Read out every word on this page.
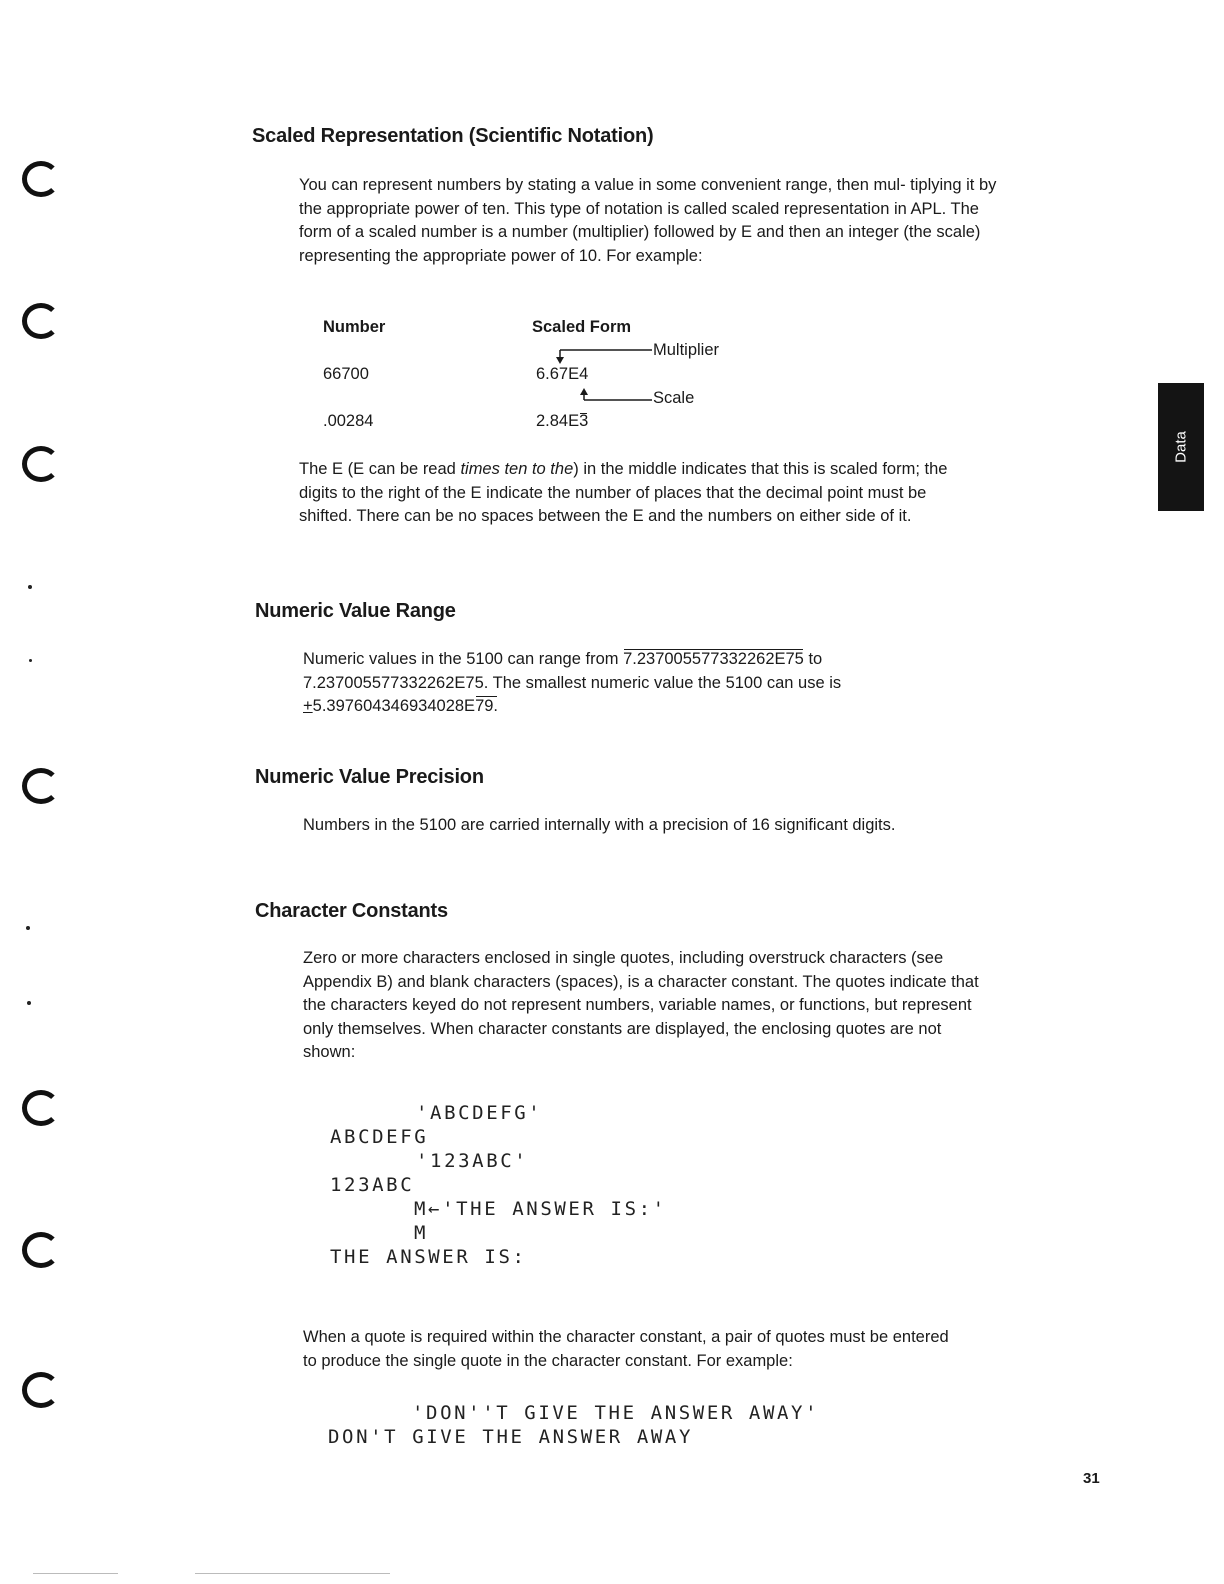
Scaled Representation (Scientific Notation)

You can represent numbers by stating a value in some convenient range, then mul- tiplying it by the appropriate power of ten. This type of notation is called scaled representation in APL. The form of a scaled number is a number (multiplier) followed by E and then an integer (the scale) representing the appropriate power of 10. For example:

Number	Scaled Form
66700	6.67E4
.00284	2.84E3
Multiplier
Scale

The E (E can be read times ten to the) in the middle indicates that this is scaled form; the digits to the right of the E indicate the number of places that the decimal point must be shifted. There can be no spaces between the E and the numbers on either side of it.

Numeric Value Range

Numeric values in the 5100 can range from 7.237005577332262E75 to
7.237005577332262E75. The smallest numeric value the 5100 can use is
+5.397604346934028E79.

Numeric Value Precision

Numbers in the 5100 are carried internally with a precision of 16 significant digits.

Character Constants

Zero or more characters enclosed in single quotes, including overstruck characters (see Appendix B) and blank characters (spaces), is a character constant. The quotes indicate that the characters keyed do not represent numbers, variable names, or functions, but represent only themselves. When character constants are displayed, the enclosing quotes are not shown:

'ABCDEFG'
ABCDEFG
'123ABC'
123ABC
M←'THE ANSWER IS:'
M
THE ANSWER IS:

When a quote is required within the character constant, a pair of quotes must be entered to produce the single quote in the character constant. For example:

'DON''T GIVE THE ANSWER AWAY'
DON'T GIVE THE ANSWER AWAY
Data
31
